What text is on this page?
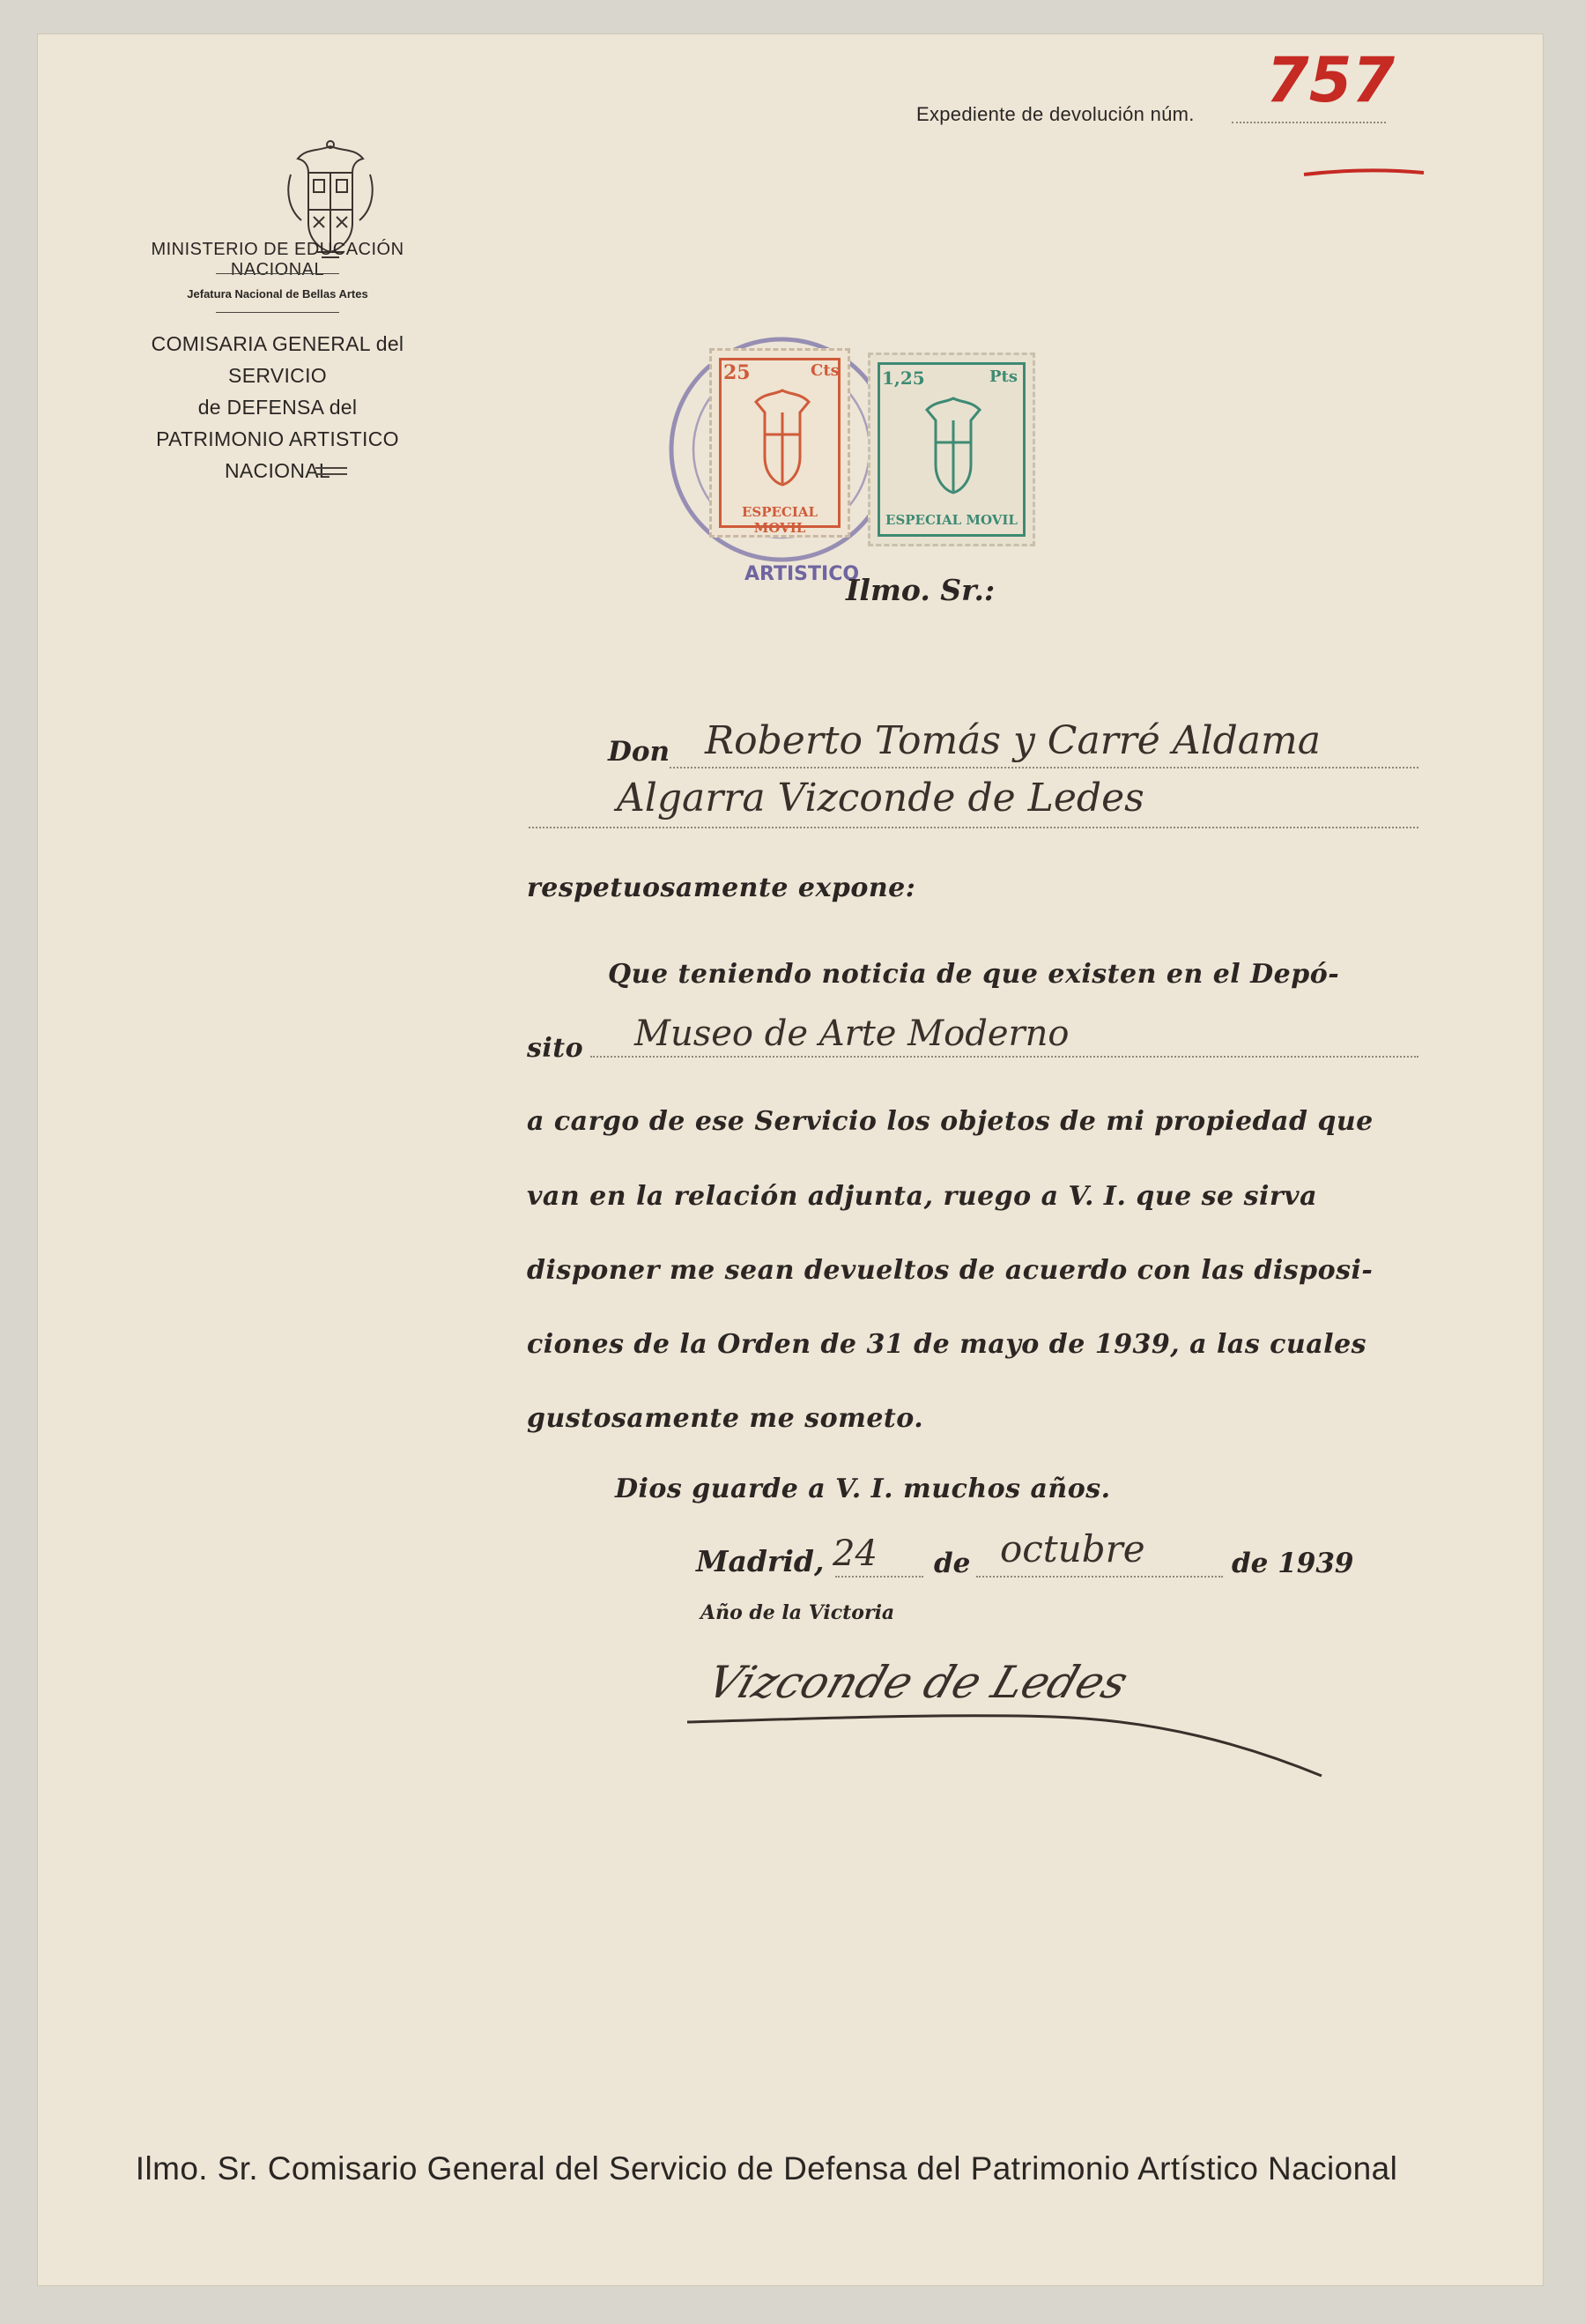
MINISTERIO DE EDUCACIÓN NACIONAL
Jefatura Nacional de Bellas Artes
COMISARIA GENERAL del SERVICIO
de DEFENSA del
PATRIMONIO ARTISTICO NACIONAL
Expediente de devolución núm. 757
ARTISTICO
25	Cts
ESPECIAL MOVIL
1,25	Pts
ESPECIAL MOVIL
Ilmo. Sr.:
Don Roberto Tomás y Carré Aldama
Algarra Vizconde de Ledes
respetuosamente expone:
Que teniendo noticia de que existen en el Depó-
sito Museo de Arte Moderno
a cargo de ese Servicio los objetos de mi propiedad que
van en la relación adjunta, ruego a V. I. que se sirva
disponer me sean devueltos de acuerdo con las disposi-
ciones de la Orden de 31 de mayo de 1939, a las cuales
gustosamente me someto.
Dios guarde a V. I. muchos años.
Madrid, 24 de octubre	de 1939
Año de la Victoria
Vizconde de Ledes
Ilmo. Sr. Comisario General del Servicio de Defensa del Patrimonio Artístico Nacional
